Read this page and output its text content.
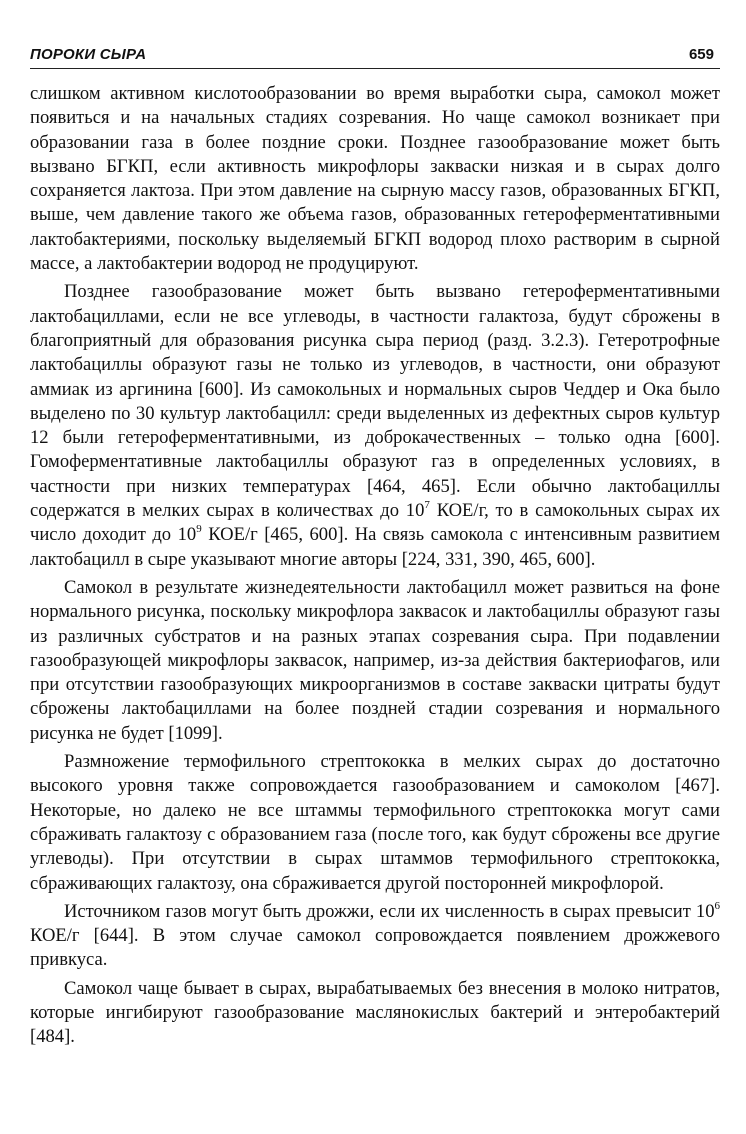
ПОРОКИ СЫРА	659

слишком активном кислотообразовании во время выработки сыра, самокол может появиться и на начальных стадиях созревания. Но чаще самокол возникает при образовании газа в более поздние сроки. Позднее газообразование может быть вызвано БГКП, если активность микрофлоры закваски низкая и в сырах долго сохраняется лактоза. При этом давление на сырную массу газов, образованных БГКП, выше, чем давление такого же объема газов, образованных гетероферментативными лактобактериями, поскольку выделяемый БГКП водород плохо растворим в сырной массе, а лактобактерии водород не продуцируют.

Позднее газообразование может быть вызвано гетероферментативными лактобациллами, если не все углеводы, в частности галактоза, будут сброжены в благоприятный для образования рисунка сыра период (разд. 3.2.3). Гетеротрофные лактобациллы образуют газы не только из углеводов, в частности, они образуют аммиак из аргинина [600]. Из самокольных и нормальных сыров Чеддер и Ока было выделено по 30 культур лактобацилл: среди выделенных из дефектных сыров культур 12 были гетероферментативными, из доброкачественных – только одна [600]. Гомоферментативные лактобациллы образуют газ в определенных условиях, в частности при низких температурах [464, 465]. Если обычно лактобациллы содержатся в мелких сырах в количествах до $10^7$ КОЕ/г, то в самокольных сырах их число доходит до $10^9$ КОЕ/г [465, 600]. На связь самокола с интенсивным развитием лактобацилл в сыре указывают многие авторы [224, 331, 390, 465, 600].

Самокол в результате жизнедеятельности лактобацилл может развиться на фоне нормального рисунка, поскольку микрофлора заквасок и лактобациллы образуют газы из различных субстратов и на разных этапах созревания сыра. При подавлении газообразующей микрофлоры заквасок, например, из-за действия бактериофагов, или при отсутствии газообразующих микроорганизмов в составе закваски цитраты будут сброжены лактобациллами на более поздней стадии созревания и нормального рисунка не будет [1099].

Размножение термофильного стрептококка в мелких сырах до достаточно высокого уровня также сопровождается газообразованием и самоколом [467]. Некоторые, но далеко не все штаммы термофильного стрептококка могут сами сбраживать галактозу с образованием газа (после того, как будут сброжены все другие углеводы). При отсутствии в сырах штаммов термофильного стрептококка, сбраживающих галактозу, она сбраживается другой посторонней микрофлорой.

Источником газов могут быть дрожжи, если их численность в сырах превысит $10^6$ КОЕ/г [644]. В этом случае самокол сопровождается появлением дрожжевого привкуса.

Самокол чаще бывает в сырах, вырабатываемых без внесения в молоко нитратов, которые ингибируют газообразование маслянокислых бактерий и энтеробактерий [484].
